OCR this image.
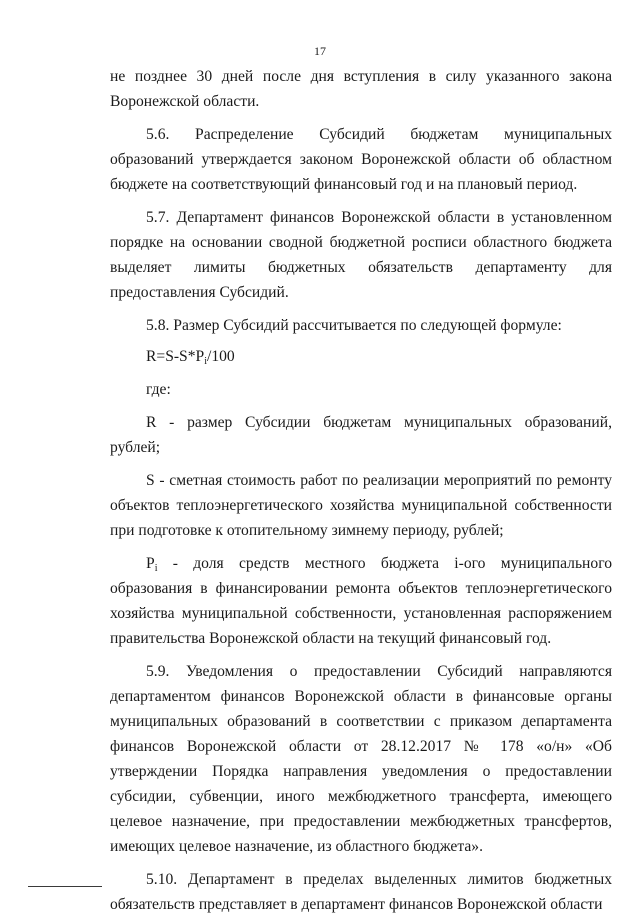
17

не позднее 30 дней после дня вступления в силу указанного закона Воронежской области.

5.6. Распределение Субсидий бюджетам муниципальных образований утверждается законом Воронежской области об областном бюджете на соответствующий финансовый год и на плановый период.

5.7. Департамент финансов Воронежской области в установленном порядке на основании сводной бюджетной росписи областного бюджета выделяет лимиты бюджетных обязательств департаменту для предоставления Субсидий.

5.8. Размер Субсидий рассчитывается по следующей формуле:

$R=S-S*P_i/100$

где:

R - размер Субсидии бюджетам муниципальных образований, рублей;

S - сметная стоимость работ по реализации мероприятий по ремонту объектов теплоэнергетического хозяйства муниципальной собственности при подготовке к отопительному зимнему периоду, рублей;

$P_i$ - доля средств местного бюджета i-ого муниципального образования в финансировании ремонта объектов теплоэнергетического хозяйства муниципальной собственности, установленная распоряжением правительства Воронежской области на текущий финансовый год.

5.9. Уведомления о предоставлении Субсидий направляются департаментом финансов Воронежской области в финансовые органы муниципальных образований в соответствии с приказом департамента финансов Воронежской области от 28.12.2017 № 178 «о/н» «Об утверждении Порядка направления уведомления о предоставлении субсидии, субвенции, иного межбюджетного трансферта, имеющего целевое назначение, при предоставлении межбюджетных трансфертов, имеющих целевое назначение, из областного бюджета».

5.10. Департамент в пределах выделенных лимитов бюджетных обязательств представляет в департамент финансов Воронежской области
